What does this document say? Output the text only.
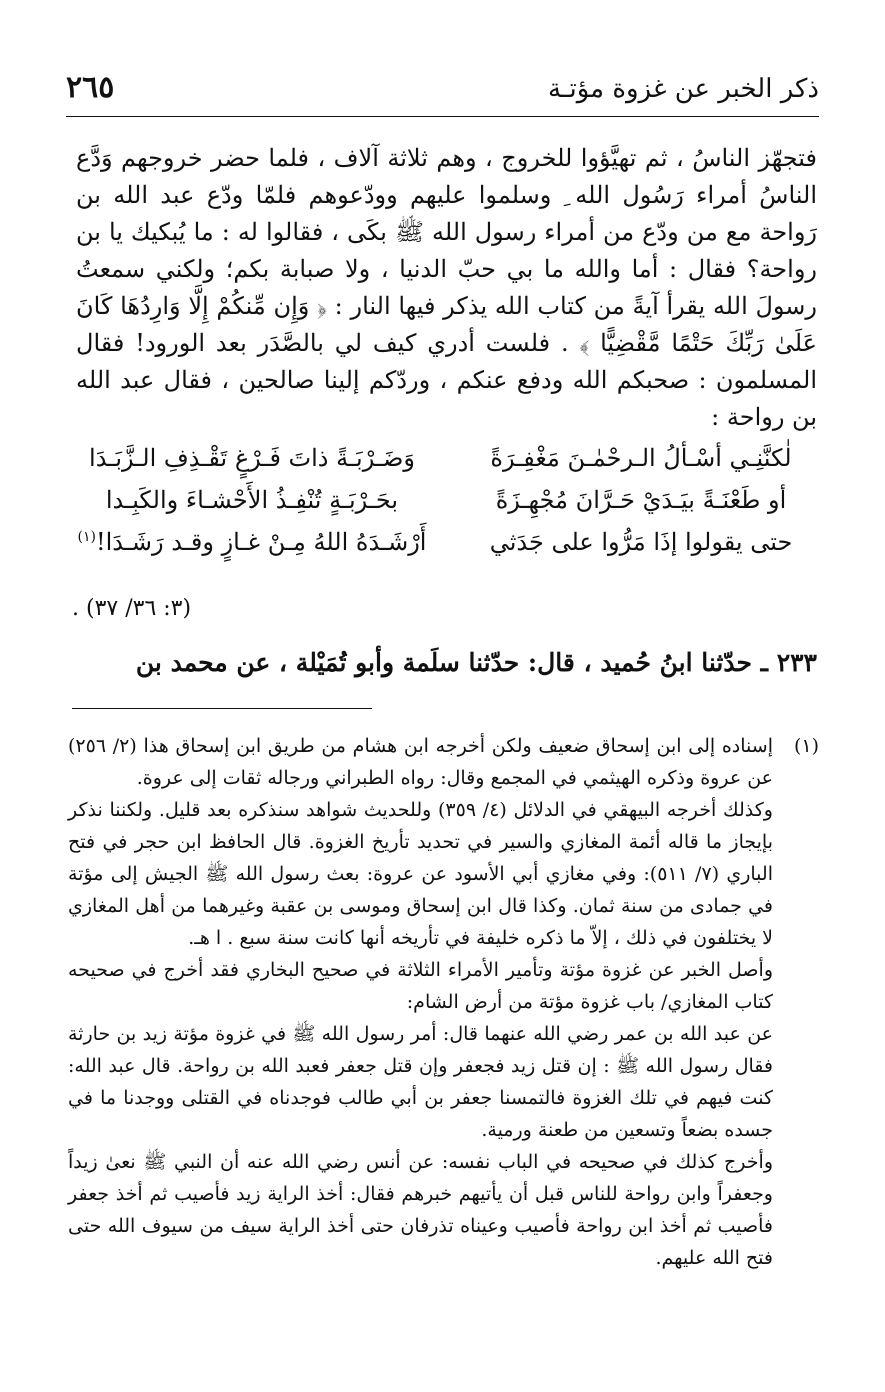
ذكر الخبر عن غزوة مؤتـة
٢٦٥

فتجهّز الناسُ ، ثم تهيَّؤوا للخروج ، وهم ثلاثة آلاف ، فلما حضر خروجهم وَدَّع الناسُ أمراء رَسُول الله ِ وسلموا عليهم وودّعوهم فلمّا ودّع عبد الله بن رَواحة مع من ودّع من أمراء رسول الله ﷺ بكَى ، فقالوا له : ما يُبكيك يا بن رواحة؟ فقال : أما والله ما بي حبّ الدنيا ، ولا صبابة بكم؛ ولكني سمعتُ رسولَ الله يقرأ آيةً من كتاب الله يذكر فيها النار : ﴿ وَإِن مِّنكُمْ إِلَّا وَارِدُهَا كَانَ عَلَىٰ رَبِّكَ حَتْمًا مَّقْضِيًّا ﴾ . فلست أدري كيف لي بالصَّدَر بعد الورود! فقال المسلمون : صحبكم الله ودفع عنكم ، وردّكم إلينا صالحين ، فقال عبد الله بن رواحة :

لٰكنَّنِـي أسْـألُ الـرحْمٰـنَ مَغْفِـرَةً
وَضَـرْبَـةً ذاتَ فَـرْغٍ تَقْـذِفِ الـزَّبَـدَا
أو طَعْنَـةً بيَـدَيْ حَـرَّانَ مُجْهِـزَةً
بحَـرْبَـةٍ تُنْفِـذُ الأَحْشـاءَ والكَبِـدا
حتى يقولوا إذَا مَرُّوا على جَدَثي
أَرْشَـدَهُ اللهُ مِـنْ غـازٍ وقـد رَشَـدَا!$^{(١)}$
(٣: ٣٦/ ٣٧) .
٢٣٣ ـ حدّثنا ابنُ حُميد ، قال: حدّثنا سلَمة وأبو تُمَيْلة ، عن محمد بن
(١)

إسناده إلى ابن إسحاق ضعيف ولكن أخرجه ابن هشام من طريق ابن إسحاق هذا (٢/ ٢٥٦) عن عروة وذكره الهيثمي في المجمع وقال: رواه الطبراني ورجاله ثقات إلى عروة.

وكذلك أخرجه البيهقي في الدلائل (٤/ ٣٥٩) وللحديث شواهد سنذكره بعد قليل. ولكننا نذكر بإيجاز ما قاله أئمة المغازي والسير في تحديد تأريخ الغزوة. قال الحافظ ابن حجر في فتح الباري (٧/ ٥١١): وفي مغازي أبي الأسود عن عروة: بعث رسول الله ﷺ الجيش إلى مؤتة في جمادى من سنة ثمان. وكذا قال ابن إسحاق وموسى بن عقبة وغيرهما من أهل المغازي لا يختلفون في ذلك ، إلاّ ما ذكره خليفة في تأريخه أنها كانت سنة سبع . ا هـ.

وأصل الخبر عن غزوة مؤتة وتأمير الأمراء الثلاثة في صحيح البخاري فقد أخرج في صحيحه كتاب المغازي/ باب غزوة مؤتة من أرض الشام:

عن عبد الله بن عمر رضي الله عنهما قال: أمر رسول الله ﷺ في غزوة مؤتة زيد بن حارثة فقال رسول الله ﷺ : إن قتل زيد فجعفر وإن قتل جعفر فعبد الله بن رواحة. قال عبد الله: كنت فيهم في تلك الغزوة فالتمسنا جعفر بن أبي طالب فوجدناه في القتلى ووجدنا ما في جسده بضعاً وتسعين من طعنة ورمية.

وأخرج كذلك في صحيحه في الباب نفسه: عن أنس رضي الله عنه أن النبي ﷺ نعىٰ زيداً وجعفراً وابن رواحة للناس قبل أن يأتيهم خبرهم فقال: أخذ الراية زيد فأصيب ثم أخذ جعفر فأصيب ثم أخذ ابن رواحة فأصيب وعيناه تذرفان حتى أخذ الراية سيف من سيوف الله حتى فتح الله عليهم.
